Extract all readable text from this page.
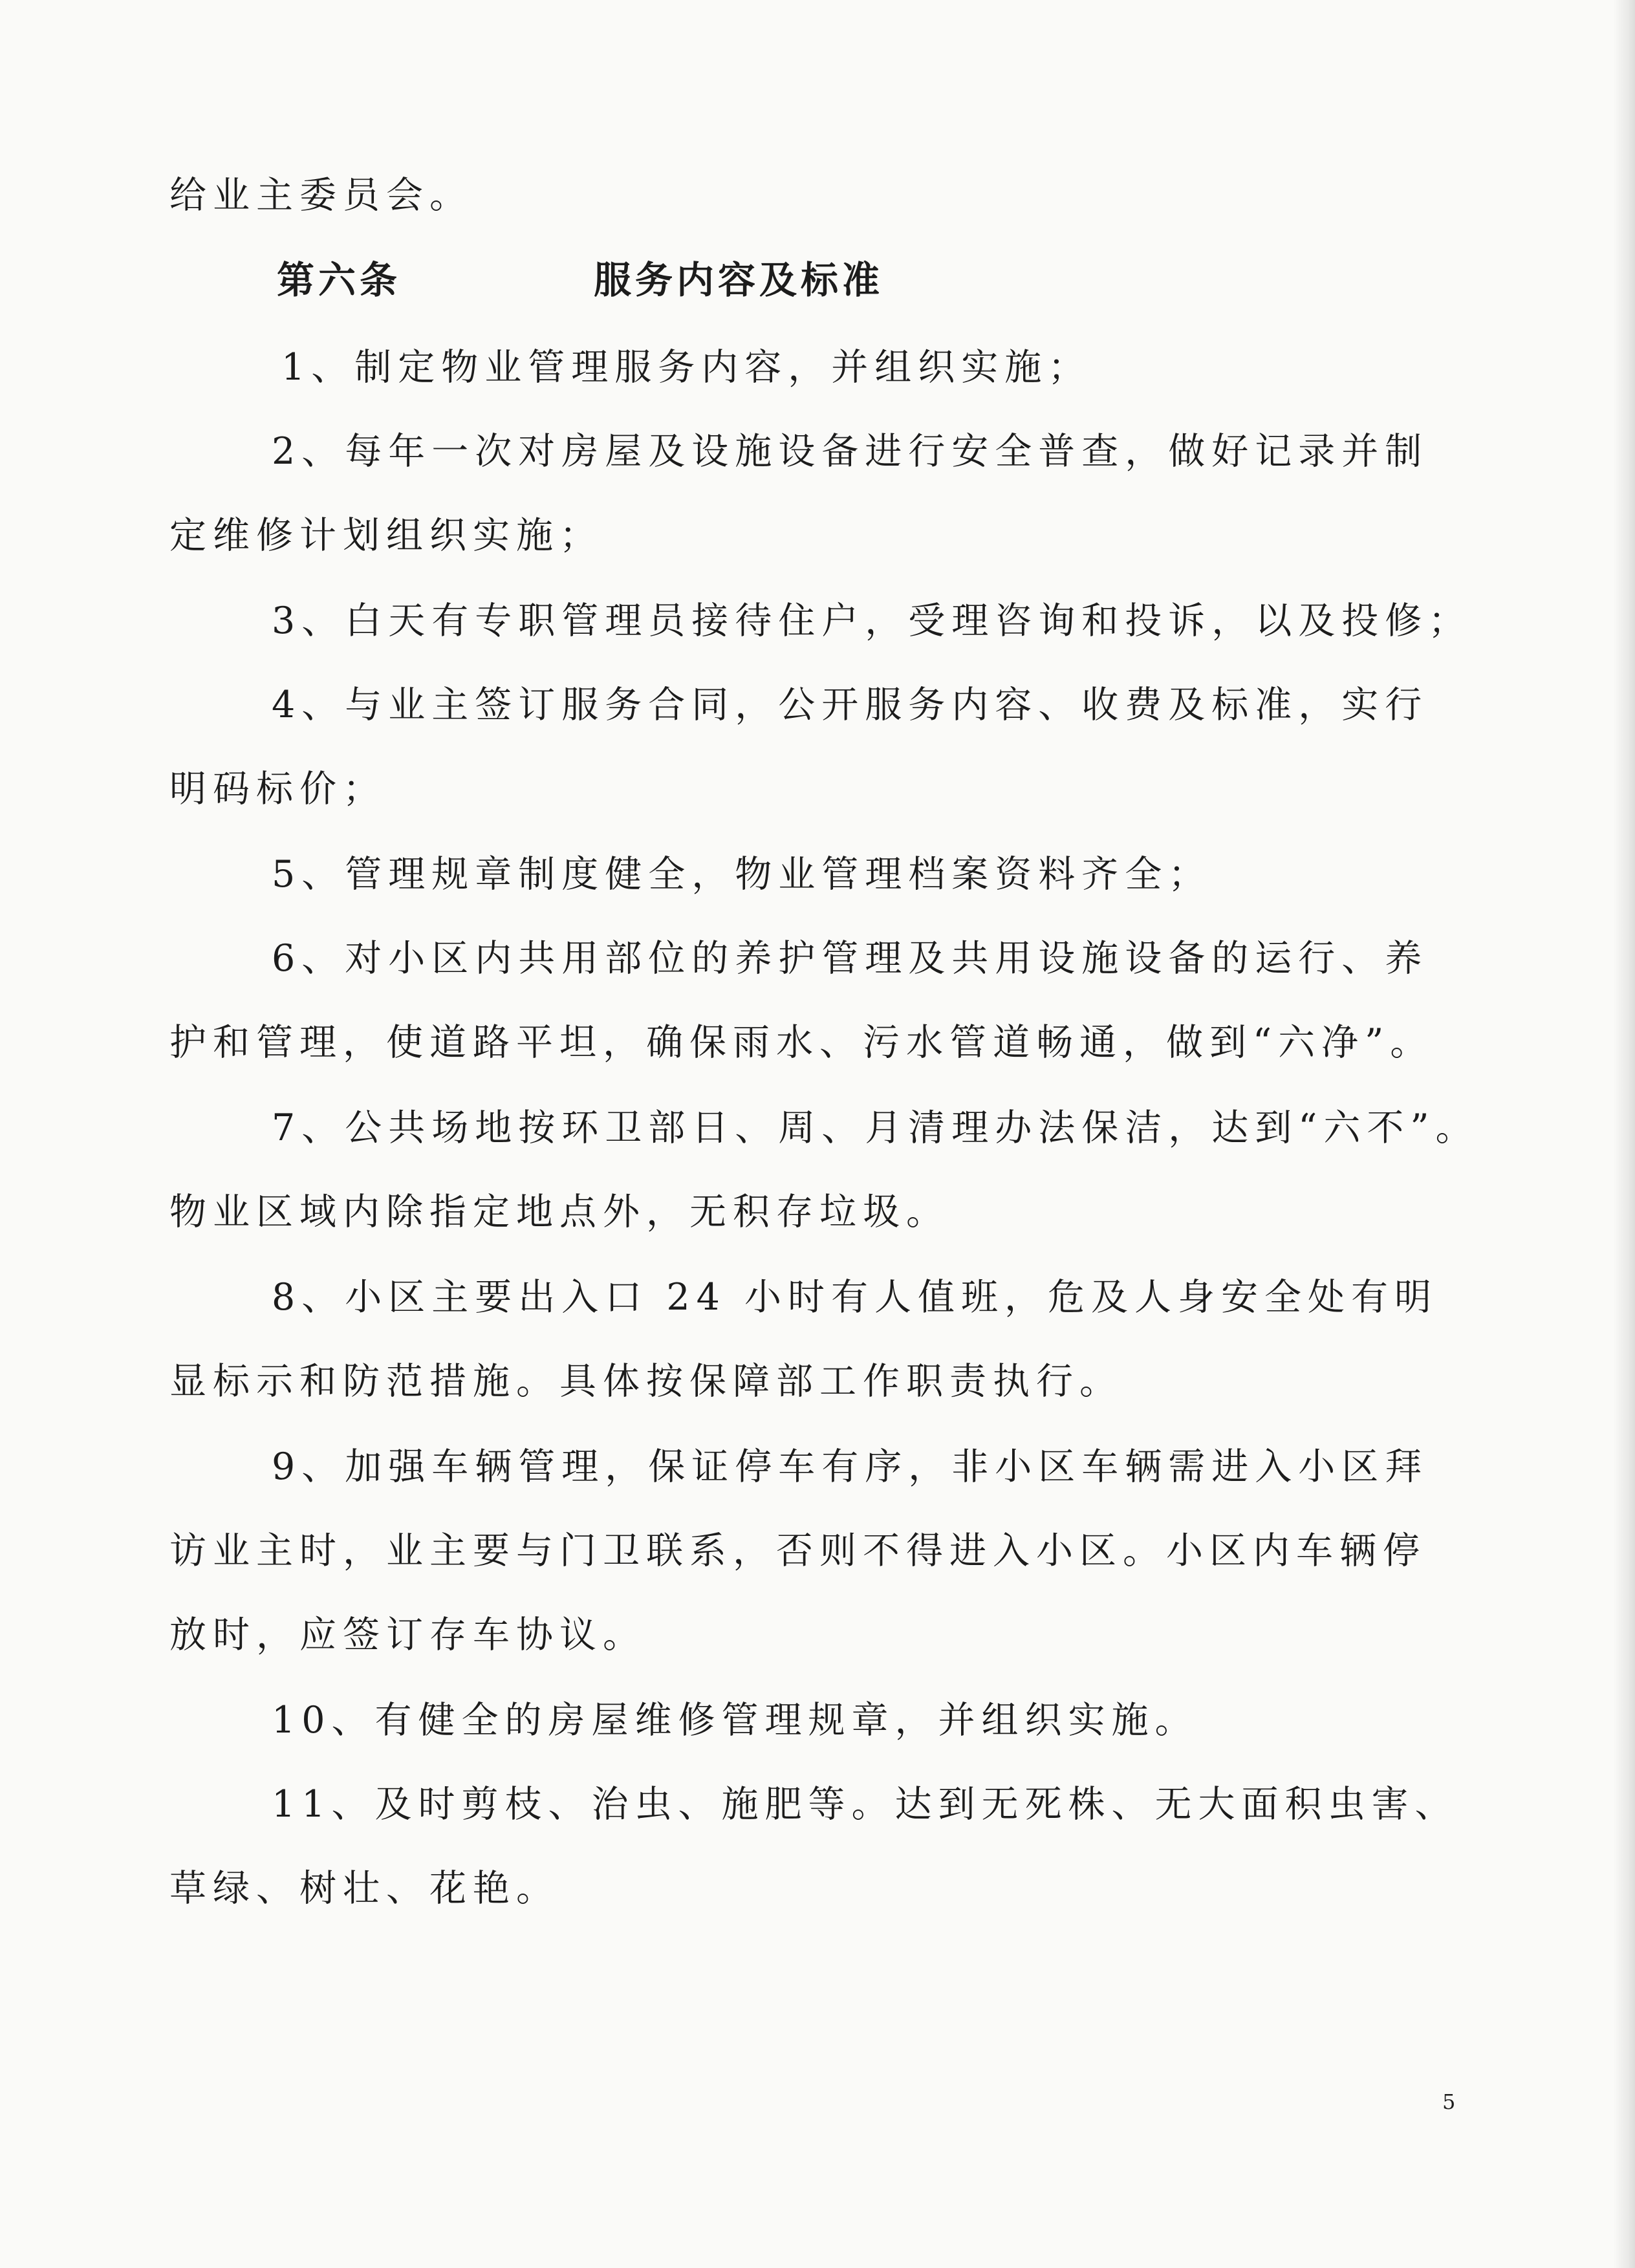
给业主委员会。

第六条	服务内容及标准

1、制定物业管理服务内容，并组织实施；

2、每年一次对房屋及设施设备进行安全普查，做好记录并制

定维修计划组织实施；

3、白天有专职管理员接待住户，受理咨询和投诉，以及投修；

4、与业主签订服务合同，公开服务内容、收费及标准，实行

明码标价；

5、管理规章制度健全，物业管理档案资料齐全；

6、对小区内共用部位的养护管理及共用设施设备的运行、养

护和管理，使道路平坦，确保雨水、污水管道畅通，做到“六净”。

7、公共场地按环卫部日、周、月清理办法保洁，达到“六不”。

物业区域内除指定地点外，无积存垃圾。

8、小区主要出入口 24 小时有人值班，危及人身安全处有明

显标示和防范措施。具体按保障部工作职责执行。

9、加强车辆管理，保证停车有序，非小区车辆需进入小区拜

访业主时，业主要与门卫联系，否则不得进入小区。小区内车辆停

放时，应签订存车协议。

10、有健全的房屋维修管理规章，并组织实施。

11、及时剪枝、治虫、施肥等。达到无死株、无大面积虫害、

草绿、树壮、花艳。

5
